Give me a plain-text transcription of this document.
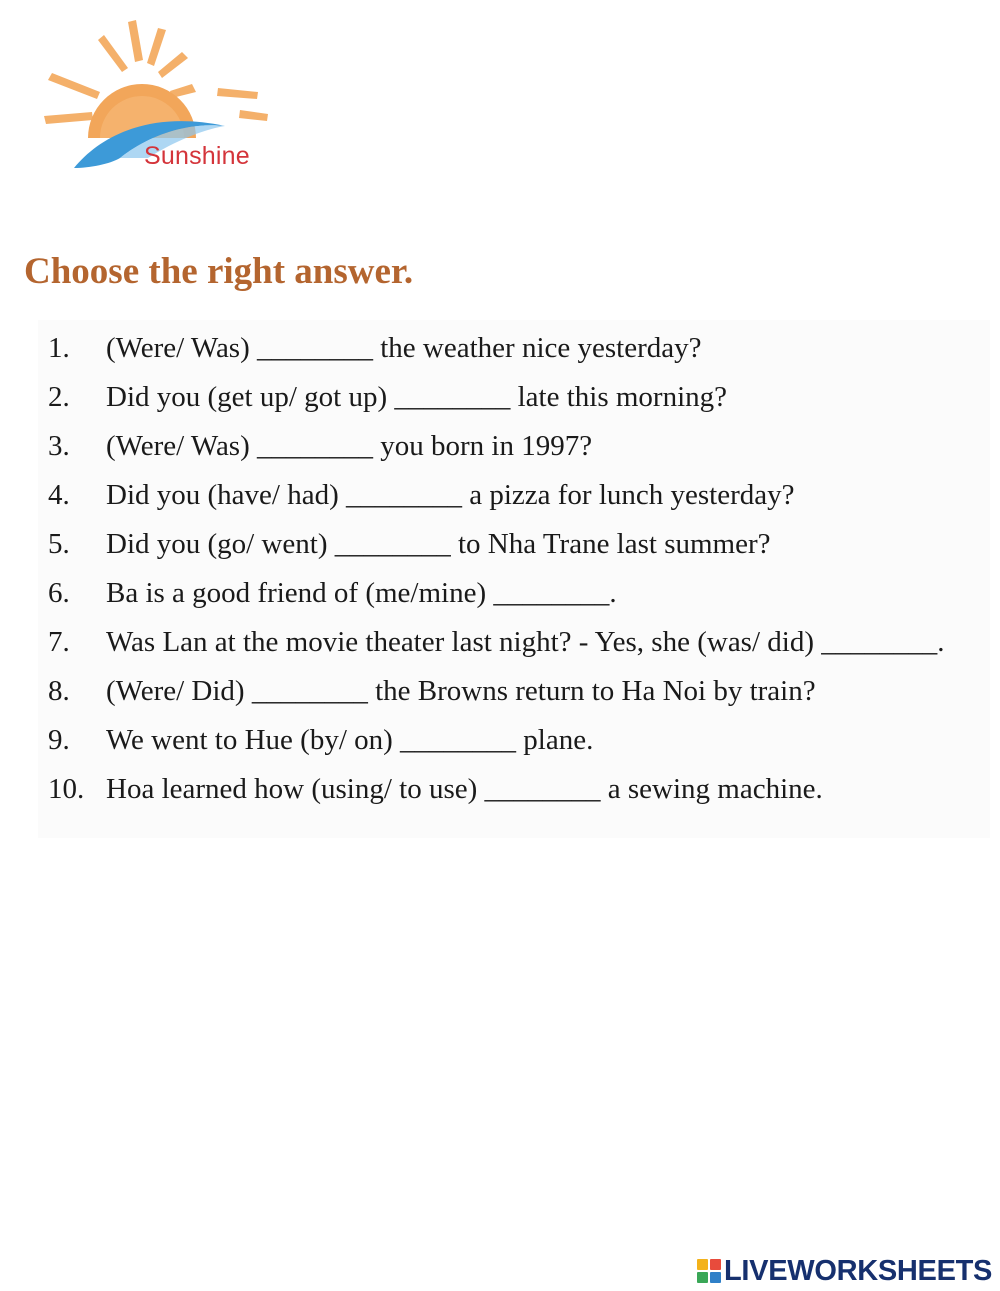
Sunshine
Choose the right answer.
1. (Were/ Was) ________ the weather nice yesterday?
2. Did you (get up/ got up) ________ late this morning?
3. (Were/ Was) ________ you born in 1997?
4. Did you (have/ had) ________ a pizza for lunch yesterday?
5. Did you (go/ went) ________ to Nha Trane last summer?
6. Ba is a good friend of (me/mine) ________.
7. Was Lan at the movie theater last night? - Yes, she (was/ did) ________.
8. (Were/ Did) ________ the Browns return to Ha Noi by train?
9. We went to Hue (by/ on) ________ plane.
10. Hoa learned how (using/ to use) ________ a sewing machine.
LIVEWORKSHEETS
